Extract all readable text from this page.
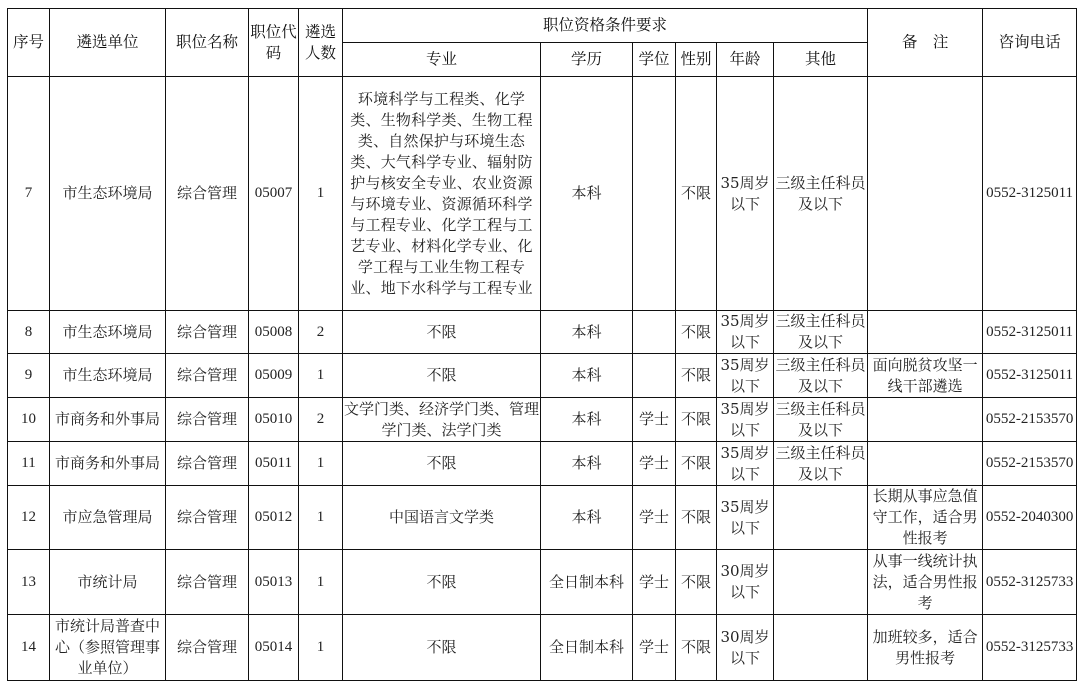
序号	遴选单位	职位名称	职位代码	遴选人数	职位资格条件要求						备　注	咨询电话
					专业	学历	学位	性别	年龄	其他		
7	市生态环境局	综合管理	05007	1	环境科学与工程类、化学类、生物科学类、生物工程类、自然保护与环境生态类、大气科学专业、辐射防护与核安全专业、农业资源与环境专业、资源循环科学与工程专业、化学工程与工艺专业、材料化学专业、化学工程与工业生物工程专业、地下水科学与工程专业	本科		不限	35周岁以下	三级主任科员及以下		0552-3125011
8	市生态环境局	综合管理	05008	2	不限	本科		不限	35周岁以下	三级主任科员及以下		0552-3125011
9	市生态环境局	综合管理	05009	1	不限	本科		不限	35周岁以下	三级主任科员及以下	面向脱贫攻坚一线干部遴选	0552-3125011
10	市商务和外事局	综合管理	05010	2	文学门类、经济学门类、管理学门类、法学门类	本科	学士	不限	35周岁以下	三级主任科员及以下		0552-2153570
11	市商务和外事局	综合管理	05011	1	不限	本科	学士	不限	35周岁以下	三级主任科员及以下		0552-2153570
12	市应急管理局	综合管理	05012	1	中国语言文学类	本科	学士	不限	35周岁以下		长期从事应急值守工作，适合男性报考	0552-2040300
13	市统计局	综合管理	05013	1	不限	全日制本科	学士	不限	30周岁以下		从事一线统计执法，适合男性报考	0552-3125733
14	市统计局普查中心（参照管理事业单位）	综合管理	05014	1	不限	全日制本科	学士	不限	30周岁以下		加班较多，适合男性报考	0552-3125733
